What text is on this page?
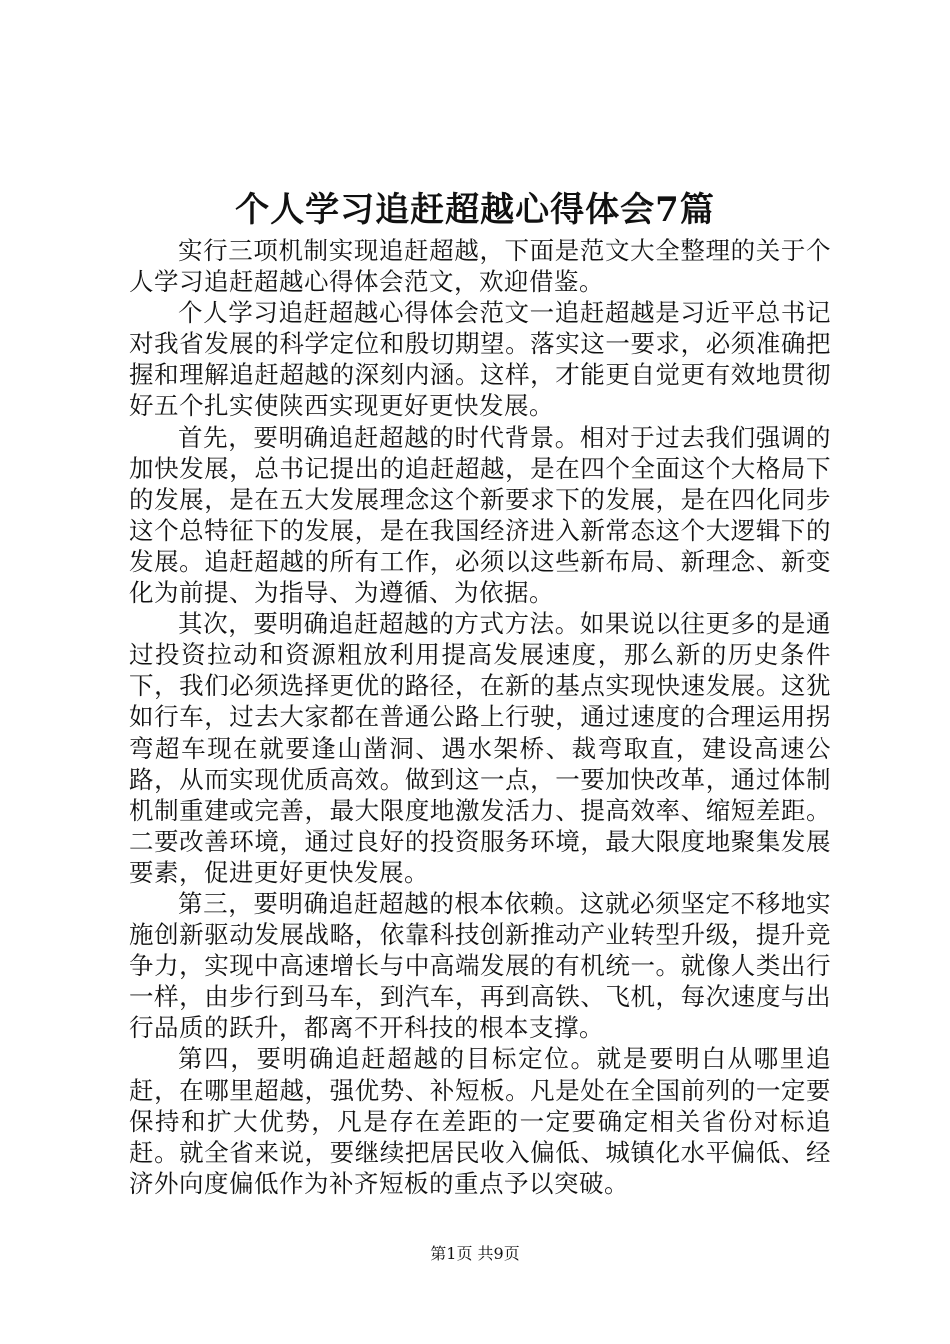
个人学习追赶超越心得体会7篇

实行三项机制实现追赶超越，下面是范文大全整理的关于个人学习追赶超越心得体会范文，欢迎借鉴。

个人学习追赶超越心得体会范文一追赶超越是习近平总书记对我省发展的科学定位和殷切期望。落实这一要求，必须准确把握和理解追赶超越的深刻内涵。这样，才能更自觉更有效地贯彻好五个扎实使陕西实现更好更快发展。

首先，要明确追赶超越的时代背景。相对于过去我们强调的加快发展，总书记提出的追赶超越，是在四个全面这个大格局下的发展，是在五大发展理念这个新要求下的发展，是在四化同步这个总特征下的发展，是在我国经济进入新常态这个大逻辑下的发展。追赶超越的所有工作，必须以这些新布局、新理念、新变化为前提、为指导、为遵循、为依据。

其次，要明确追赶超越的方式方法。如果说以往更多的是通过投资拉动和资源粗放利用提高发展速度，那么新的历史条件下，我们必须选择更优的路径，在新的基点实现快速发展。这犹如行车，过去大家都在普通公路上行驶，通过速度的合理运用拐弯超车现在就要逢山凿洞、遇水架桥、裁弯取直，建设高速公路，从而实现优质高效。做到这一点，一要加快改革，通过体制机制重建或完善，最大限度地激发活力、提高效率、缩短差距。二要改善环境，通过良好的投资服务环境，最大限度地聚集发展要素，促进更好更快发展。

第三，要明确追赶超越的根本依赖。这就必须坚定不移地实施创新驱动发展战略，依靠科技创新推动产业转型升级，提升竞争力，实现中高速增长与中高端发展的有机统一。就像人类出行一样，由步行到马车，到汽车，再到高铁、飞机，每次速度与出行品质的跃升，都离不开科技的根本支撑。

第四，要明确追赶超越的目标定位。就是要明白从哪里追赶，在哪里超越，强优势、补短板。凡是处在全国前列的一定要保持和扩大优势，凡是存在差距的一定要确定相关省份对标追赶。就全省来说，要继续把居民收入偏低、城镇化水平偏低、经济外向度偏低作为补齐短板的重点予以突破。

第1页 共9页
